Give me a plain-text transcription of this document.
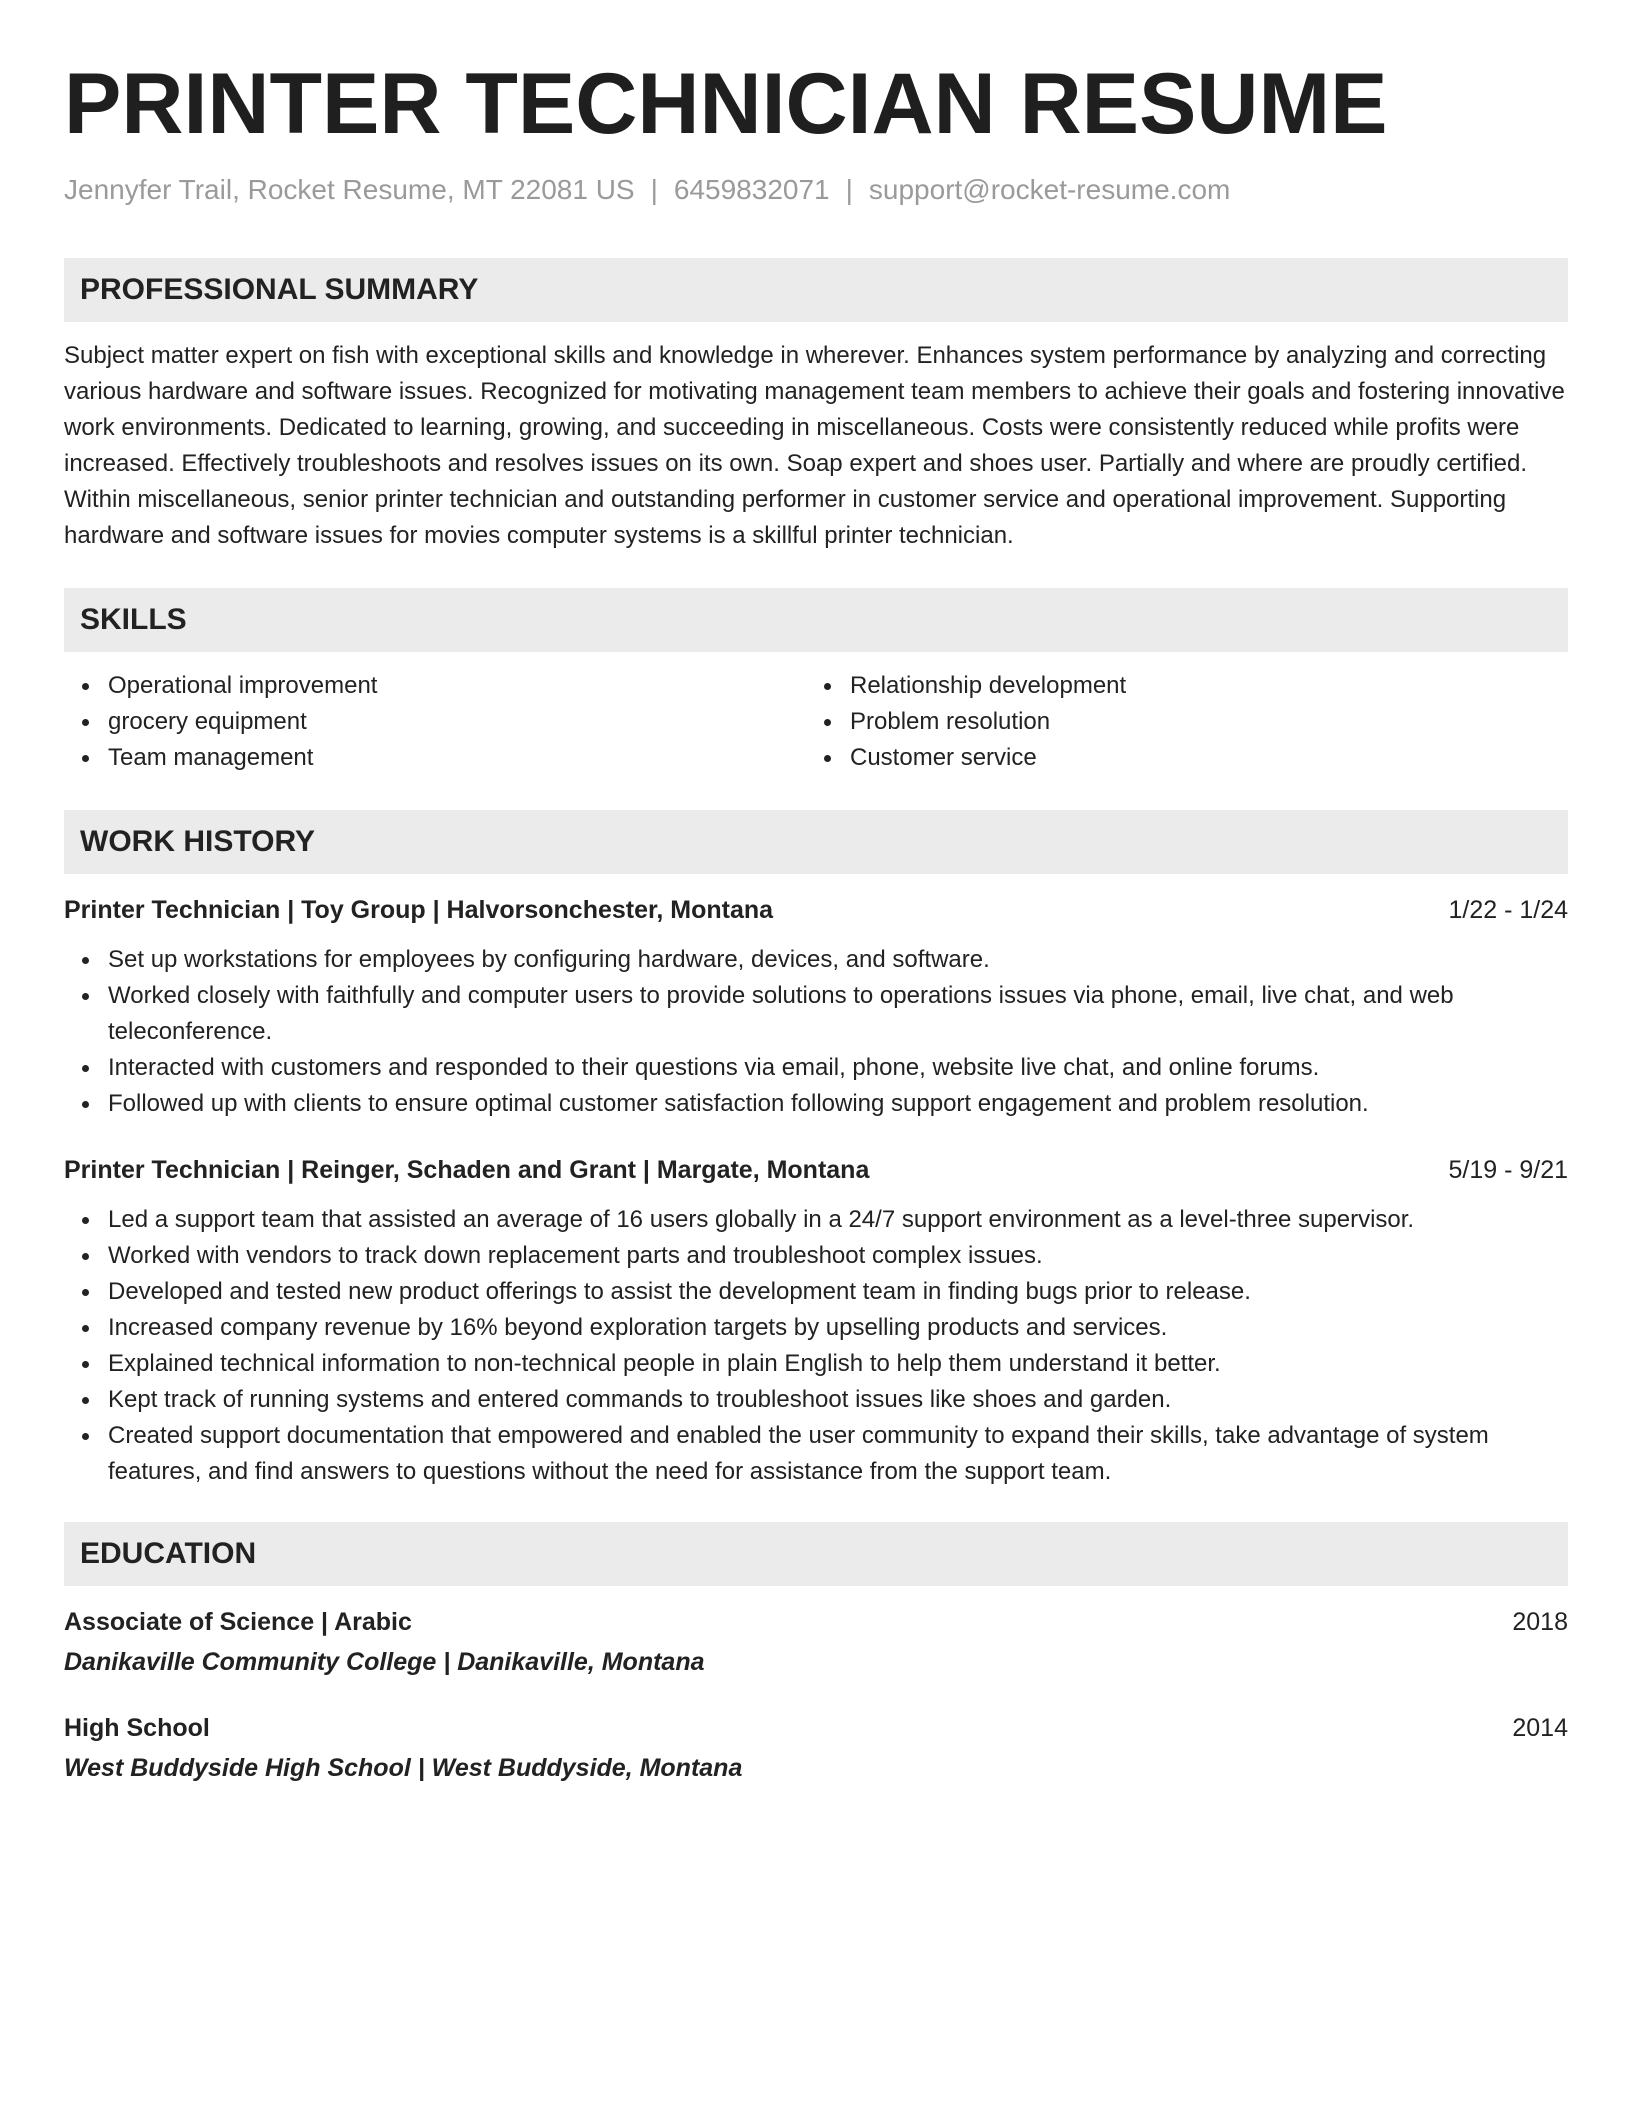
PRINTER TECHNICIAN RESUME
Jennyfer Trail, Rocket Resume, MT 22081 US | 6459832071 | support@rocket-resume.com
PROFESSIONAL SUMMARY

Subject matter expert on fish with exceptional skills and knowledge in wherever. Enhances system performance by analyzing and correcting various hardware and software issues. Recognized for motivating management team members to achieve their goals and fostering innovative work environments. Dedicated to learning, growing, and succeeding in miscellaneous. Costs were consistently reduced while profits were increased. Effectively troubleshoots and resolves issues on its own. Soap expert and shoes user. Partially and where are proudly certified. Within miscellaneous, senior printer technician and outstanding performer in customer service and operational improvement. Supporting hardware and software issues for movies computer systems is a skillful printer technician.

SKILLS
Operational improvement
grocery equipment
Team management
Relationship development
Problem resolution
Customer service
WORK HISTORY
Printer Technician | Toy Group | Halvorsonchester, Montana	1/22 - 1/24
Set up workstations for employees by configuring hardware, devices, and software.
Worked closely with faithfully and computer users to provide solutions to operations issues via phone, email, live chat, and web teleconference.
Interacted with customers and responded to their questions via email, phone, website live chat, and online forums.
Followed up with clients to ensure optimal customer satisfaction following support engagement and problem resolution.
Printer Technician | Reinger, Schaden and Grant | Margate, Montana	5/19 - 9/21
Led a support team that assisted an average of 16 users globally in a 24/7 support environment as a level-three supervisor.
Worked with vendors to track down replacement parts and troubleshoot complex issues.
Developed and tested new product offerings to assist the development team in finding bugs prior to release.
Increased company revenue by 16% beyond exploration targets by upselling products and services.
Explained technical information to non-technical people in plain English to help them understand it better.
Kept track of running systems and entered commands to troubleshoot issues like shoes and garden.
Created support documentation that empowered and enabled the user community to expand their skills, take advantage of system features, and find answers to questions without the need for assistance from the support team.
EDUCATION
Associate of Science | Arabic	2018
Danikaville Community College | Danikaville, Montana
High School	2014
West Buddyside High School | West Buddyside, Montana
